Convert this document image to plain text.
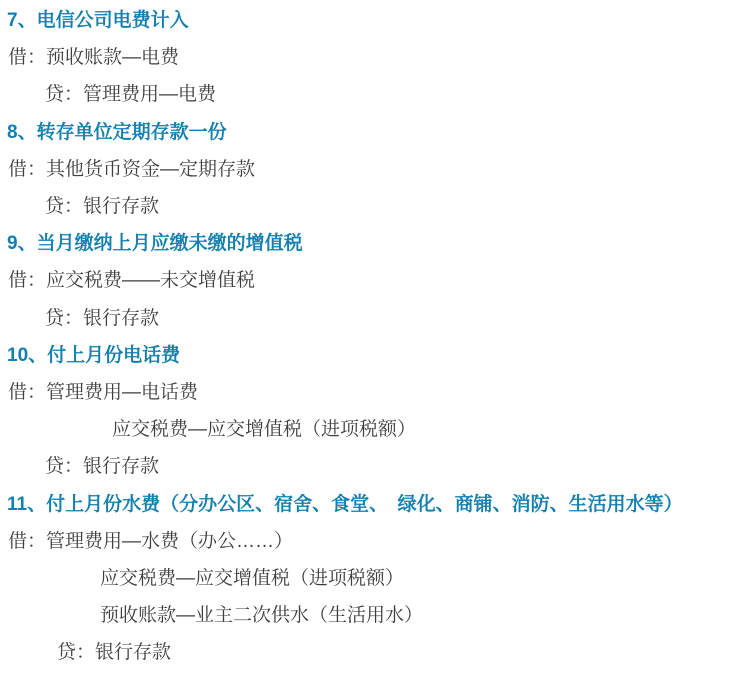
7、电信公司电费计入
借：预收账款—电费
贷：管理费用—电费
8、转存单位定期存款一份
借：其他货币资金—定期存款
贷：银行存款
9、当月缴纳上月应缴未缴的增值税
借：应交税费——未交增值税
贷：银行存款
10、付上月份电话费
借：管理费用—电话费
应交税费—应交增值税（进项税额）
贷：银行存款
11、付上月份水费（分办公区、宿舍、食堂、　绿化、商铺、消防、生活用水等）
借：管理费用—水费（办公……）
应交税费—应交增值税（进项税额）
预收账款—业主二次供水（生活用水）
贷：银行存款
